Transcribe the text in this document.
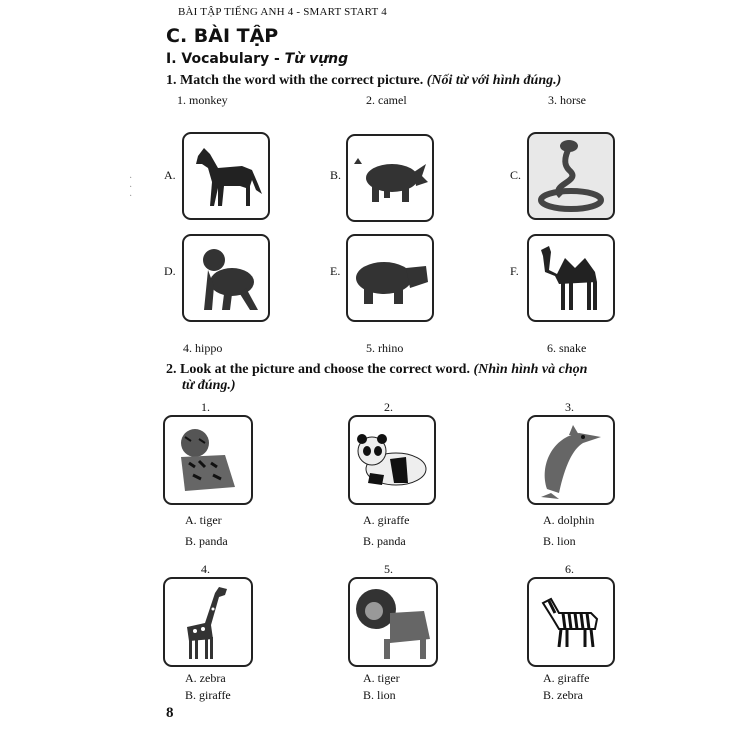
BÀI TẬP TIẾNG ANH 4 - SMART START 4
C. BÀI TẬP
I. Vocabulary - Từ vựng
1. Match the word with the correct picture. (Nối từ với hình đúng.)
1. monkey	2. camel	3. horse
A.	B.	C.
D.	E.	F.
4. hippo	5. rhino	6. snake
·
·
·
2. Look at the picture and choose the correct word. (Nhìn hình và chọn
từ đúng.)
1.	2.	3.
A. tiger
B. panda
A. giraffe
B. panda
A. dolphin
B. lion
4.	5.	6.
A. zebra
B. giraffe
A. tiger
B. lion
A. giraffe
B. zebra
8
